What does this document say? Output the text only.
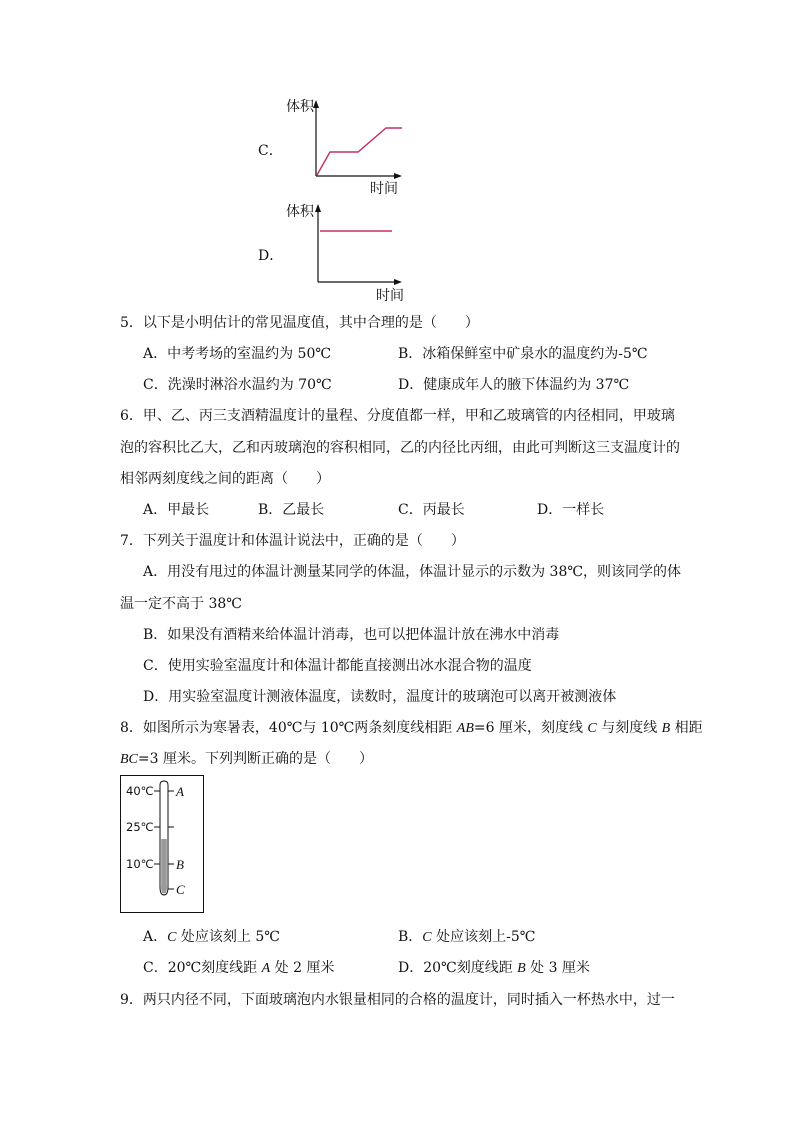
C．
体积
时间
D．
体积
时间
5．以下是小明估计的常见温度值，其中合理的是（　　）
A．中考考场的室温约为 50℃	B．冰箱保鲜室中矿泉水的温度约为-5℃
C．洗澡时淋浴水温约为 70℃	D．健康成年人的腋下体温约为 37℃
6．甲、乙、丙三支酒精温度计的量程、分度值都一样，甲和乙玻璃管的内径相同，甲玻璃
泡的容积比乙大，乙和丙玻璃泡的容积相同，乙的内径比丙细，由此可判断这三支温度计的
相邻两刻度线之间的距离（　　）
A．甲最长	B．乙最长	C．丙最长	D．一样长
7．下列关于温度计和体温计说法中，正确的是（　　）
A．用没有甩过的体温计测量某同学的体温，体温计显示的示数为 38℃，则该同学的体
温一定不高于 38℃
B．如果没有酒精来给体温计消毒，也可以把体温计放在沸水中消毒
C．使用实验室温度计和体温计都能直接测出冰水混合物的温度
D．用实验室温度计测液体温度，读数时，温度计的玻璃泡可以离开被测液体
8．如图所示为寒暑表，40℃与 10℃两条刻度线相距 AB=6 厘米，刻度线 C 与刻度线 B 相距
BC=3 厘米。下列判断正确的是（　　）
40℃
25℃
10℃
A
B
C
A．C 处应该刻上 5℃	B．C 处应该刻上-5℃
C．20℃刻度线距 A 处 2 厘米	D．20℃刻度线距 B 处 3 厘米
9．两只内径不同，下面玻璃泡内水银量相同的合格的温度计，同时插入一杯热水中，过一
